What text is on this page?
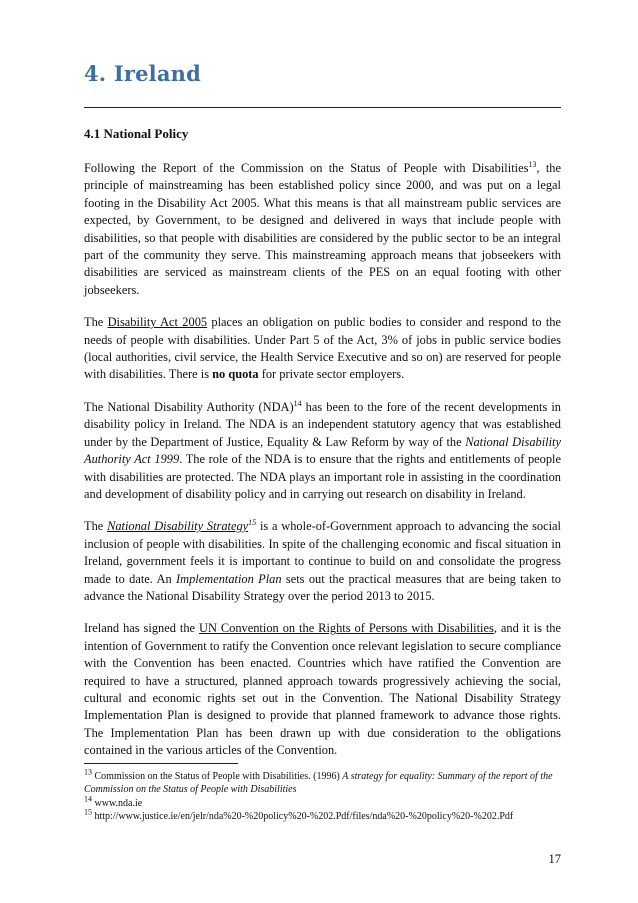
4. Ireland
4.1 National Policy

Following the Report of the Commission on the Status of People with Disabilities$^{13}$, the principle of mainstreaming has been established policy since 2000, and was put on a legal footing in the Disability Act 2005. What this means is that all mainstream public services are expected, by Government, to be designed and delivered in ways that include people with disabilities, so that people with disabilities are considered by the public sector to be an integral part of the community they serve. This mainstreaming approach means that jobseekers with disabilities are serviced as mainstream clients of the PES on an equal footing with other jobseekers.

The Disability Act 2005 places an obligation on public bodies to consider and respond to the needs of people with disabilities. Under Part 5 of the Act, 3% of jobs in public service bodies (local authorities, civil service, the Health Service Executive and so on) are reserved for people with disabilities. There is no quota for private sector employers.

The National Disability Authority (NDA)$^{14}$ has been to the fore of the recent developments in disability policy in Ireland. The NDA is an independent statutory agency that was established under by the Department of Justice, Equality & Law Reform by way of the National Disability Authority Act 1999. The role of the NDA is to ensure that the rights and entitlements of people with disabilities are protected. The NDA plays an important role in assisting in the coordination and development of disability policy and in carrying out research on disability in Ireland.

The National Disability Strategy$^{15}$ is a whole-of-Government approach to advancing the social inclusion of people with disabilities. In spite of the challenging economic and fiscal situation in Ireland, government feels it is important to continue to build on and consolidate the progress made to date. An Implementation Plan sets out the practical measures that are being taken to advance the National Disability Strategy over the period 2013 to 2015.

Ireland has signed the UN Convention on the Rights of Persons with Disabilities, and it is the intention of Government to ratify the Convention once relevant legislation to secure compliance with the Convention has been enacted. Countries which have ratified the Convention are required to have a structured, planned approach towards progressively achieving the social, cultural and economic rights set out in the Convention. The National Disability Strategy Implementation Plan is designed to provide that planned framework to advance those rights. The Implementation Plan has been drawn up with due consideration to the obligations contained in the various articles of the Convention.

$^{13}$ Commission on the Status of People with Disabilities. (1996) A strategy for equality: Summary of the report of the Commission on the Status of People with Disabilities

$^{14}$ www.nda.ie

$^{15}$ http://www.justice.ie/en/jelr/nda%20-%20policy%20-%202.Pdf/files/nda%20-%20policy%20-%202.Pdf

17
